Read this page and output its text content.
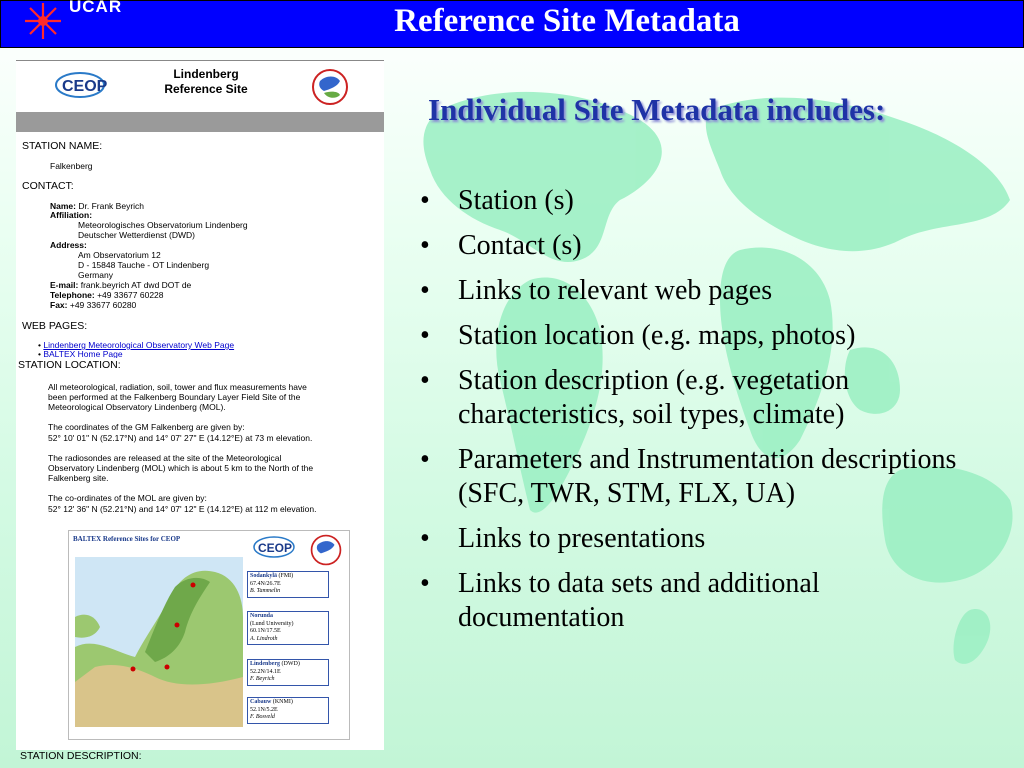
UCAR	Reference Site Metadata
Individual Site Metadata includes:
• Station (s)
• Contact (s)
• Links to relevant web pages
• Station location (e.g. maps, photos)
• Station description (e.g. vegetation characteristics, soil types, climate)
• Parameters and Instrumentation descriptions (SFC, TWR, STM, FLX, UA)
• Links to presentations
• Links to data sets and additional documentation
CEOP
Lindenberg
Reference Site
STATION NAME:
Falkenberg
CONTACT:
Name: Dr. Frank Beyrich
Affiliation:
Meteorologisches Observatorium Lindenberg
Deutscher Wetterdienst (DWD)
Address:
Am Observatorium 12
D - 15848 Tauche - OT Lindenberg
Germany
E-mail: frank.beyrich AT dwd DOT de
Telephone: +49 33677 60228
Fax: +49 33677 60280
WEB PAGES:
• Lindenberg Meteorological Observatory Web Page
• BALTEX Home Page
STATION LOCATION:
All meteorological, radiation, soil, tower and flux measurements have
been performed at the Falkenberg Boundary Layer Field Site of the
Meteorological Observatory Lindenberg (MOL).
The coordinates of the GM Falkenberg are given by:
52° 10' 01" N (52.17°N) and 14° 07' 27" E (14.12°E) at 73 m elevation.
The radiosondes are released at the site of the Meteorological
Observatory Lindenberg (MOL) which is about 5 km to the North of the
Falkenberg site.
The co-ordinates of the MOL are given by:
52° 12' 36" N (52.21°N) and 14° 07' 12" E (14.12°E) at 112 m elevation.
BALTEX Reference Sites for CEOP
CEOP
Sodankylä (FMI)
67.4N/26.7E
B. Tammelin
Norunda
(Lund University)
60.1N/17.5E
A. Lindroth
Lindenberg (DWD)
52.2N/14.1E
F. Beyrich
Cabauw (KNMI)
52.1N/5.2E
F. Bosveld
STATION DESCRIPTION:
